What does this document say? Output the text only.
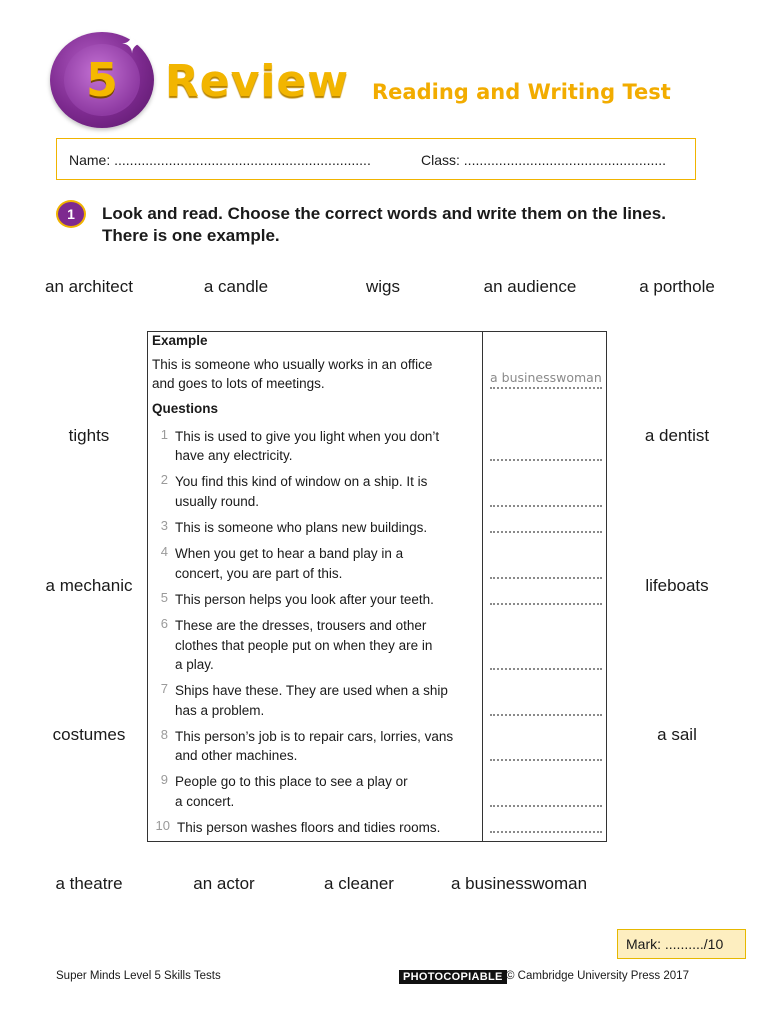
5
✦
Review Reading and Writing Test
Name: ..................................................................	Class: ....................................................
1	Look and read. Choose the correct words and write them on the lines.
There is one example.
an architect	a candle	wigs	an audience	a porthole
tights
a mechanic
costumes
a dentist
lifeboats
a sail
a theatre	an actor	a cleaner	a businesswoman
Example
This is someone who usually works in an office
and goes to lots of meetings.	a businesswoman
Questions
1 This is used to give you light when you don’t
have any electricity.
2 You find this kind of window on a ship. It is
usually round.
3 This is someone who plans new buildings.
4 When you get to hear a band play in a
concert, you are part of this.
5 This person helps you look after your teeth.
6 These are the dresses, trousers and other
clothes that people put on when they are in
a play.
7 Ships have these. They are used when a ship
has a problem.
8 This person’s job is to repair cars, lorries, vans
and other machines.
9 People go to this place to see a play or
a concert.
10 This person washes floors and tidies rooms.
Mark: ........../10
Super Minds Level 5 Skills Tests	PHOTOCOPIABLE © Cambridge University Press 2017
